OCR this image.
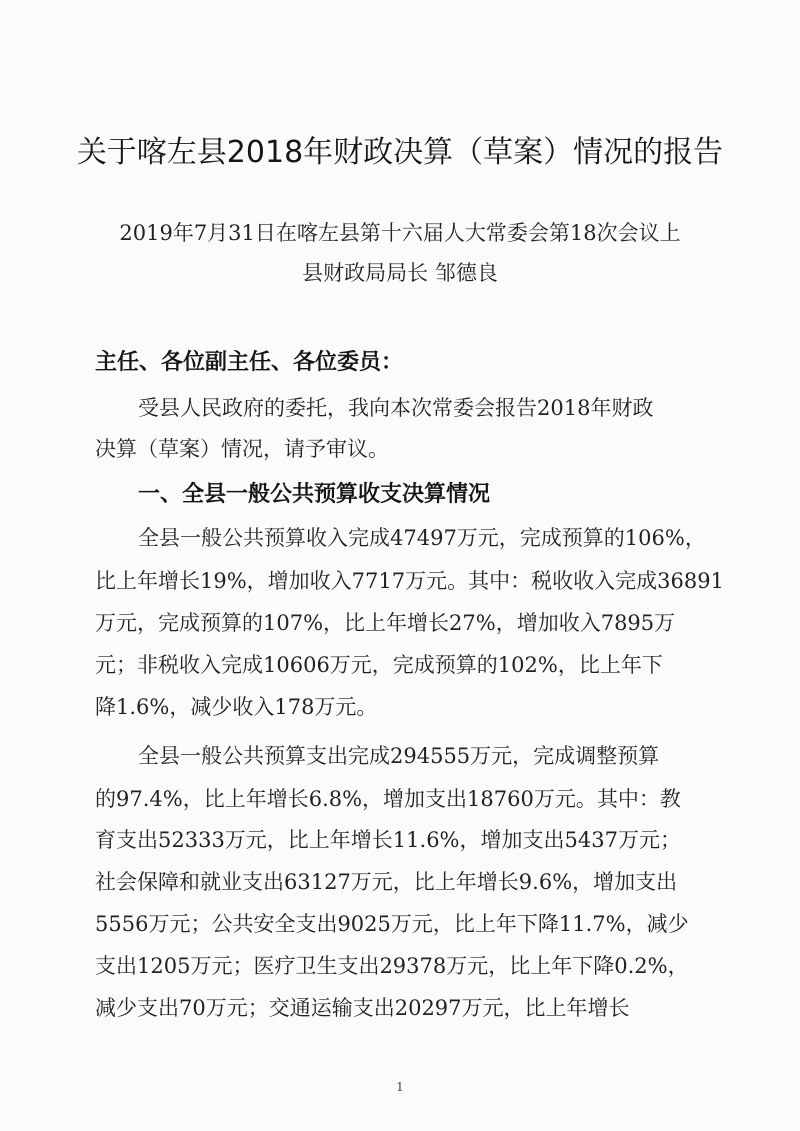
关于喀左县2018年财政决算（草案）情况的报告
2019年7月31日在喀左县第十六届人大常委会第18次会议上
县财政局局长 邹德良
主任、各位副主任、各位委员：
受县人民政府的委托，我向本次常委会报告2018年财政
决算（草案）情况，请予审议。
一、全县一般公共预算收支决算情况
全县一般公共预算收入完成47497万元，完成预算的106%，
比上年增长19%，增加收入7717万元。其中：税收收入完成36891
万元，完成预算的107%，比上年增长27%，增加收入7895万
元；非税收入完成10606万元，完成预算的102%，比上年下
降1.6%，减少收入178万元。
全县一般公共预算支出完成294555万元，完成调整预算
的97.4%，比上年增长6.8%，增加支出18760万元。其中：教
育支出52333万元，比上年增长11.6%，增加支出5437万元；
社会保障和就业支出63127万元，比上年增长9.6%，增加支出
5556万元；公共安全支出9025万元，比上年下降11.7%，减少
支出1205万元；医疗卫生支出29378万元，比上年下降0.2%，
减少支出70万元；交通运输支出20297万元，比上年增长
1
